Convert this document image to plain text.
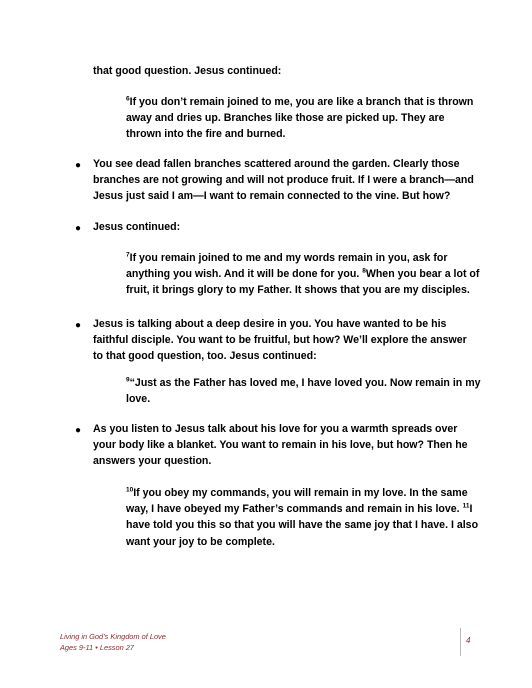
that good question. Jesus continued:

$^6$If you don’t remain joined to me, you are like a branch that is thrown away and dries up. Branches like those are picked up. They are thrown into the fire and burned.

● You see dead fallen branches scattered around the garden. Clearly those branches are not growing and will not produce fruit. If I were a branch—and Jesus just said I am—I want to remain connected to the vine. But how?

● Jesus continued:

$^7$If you remain joined to me and my words remain in you, ask for anything you wish. And it will be done for you. $^8$When you bear a lot of fruit, it brings glory to my Father. It shows that you are my disciples.

● Jesus is talking about a deep desire in you. You have wanted to be his faithful disciple. You want to be fruitful, but how? We’ll explore the answer to that good question, too. Jesus continued:

$^9$“Just as the Father has loved me, I have loved you. Now remain in my love.

● As you listen to Jesus talk about his love for you a warmth spreads over your body like a blanket. You want to remain in his love, but how? Then he answers your question.

$^{10}$If you obey my commands, you will remain in my love. In the same way, I have obeyed my Father’s commands and remain in his love. $^{11}$I have told you this so that you will have the same joy that I have. I also want your joy to be complete.

Living in God’s Kingdom of Love
Ages 9-11 • Lesson 27
4
